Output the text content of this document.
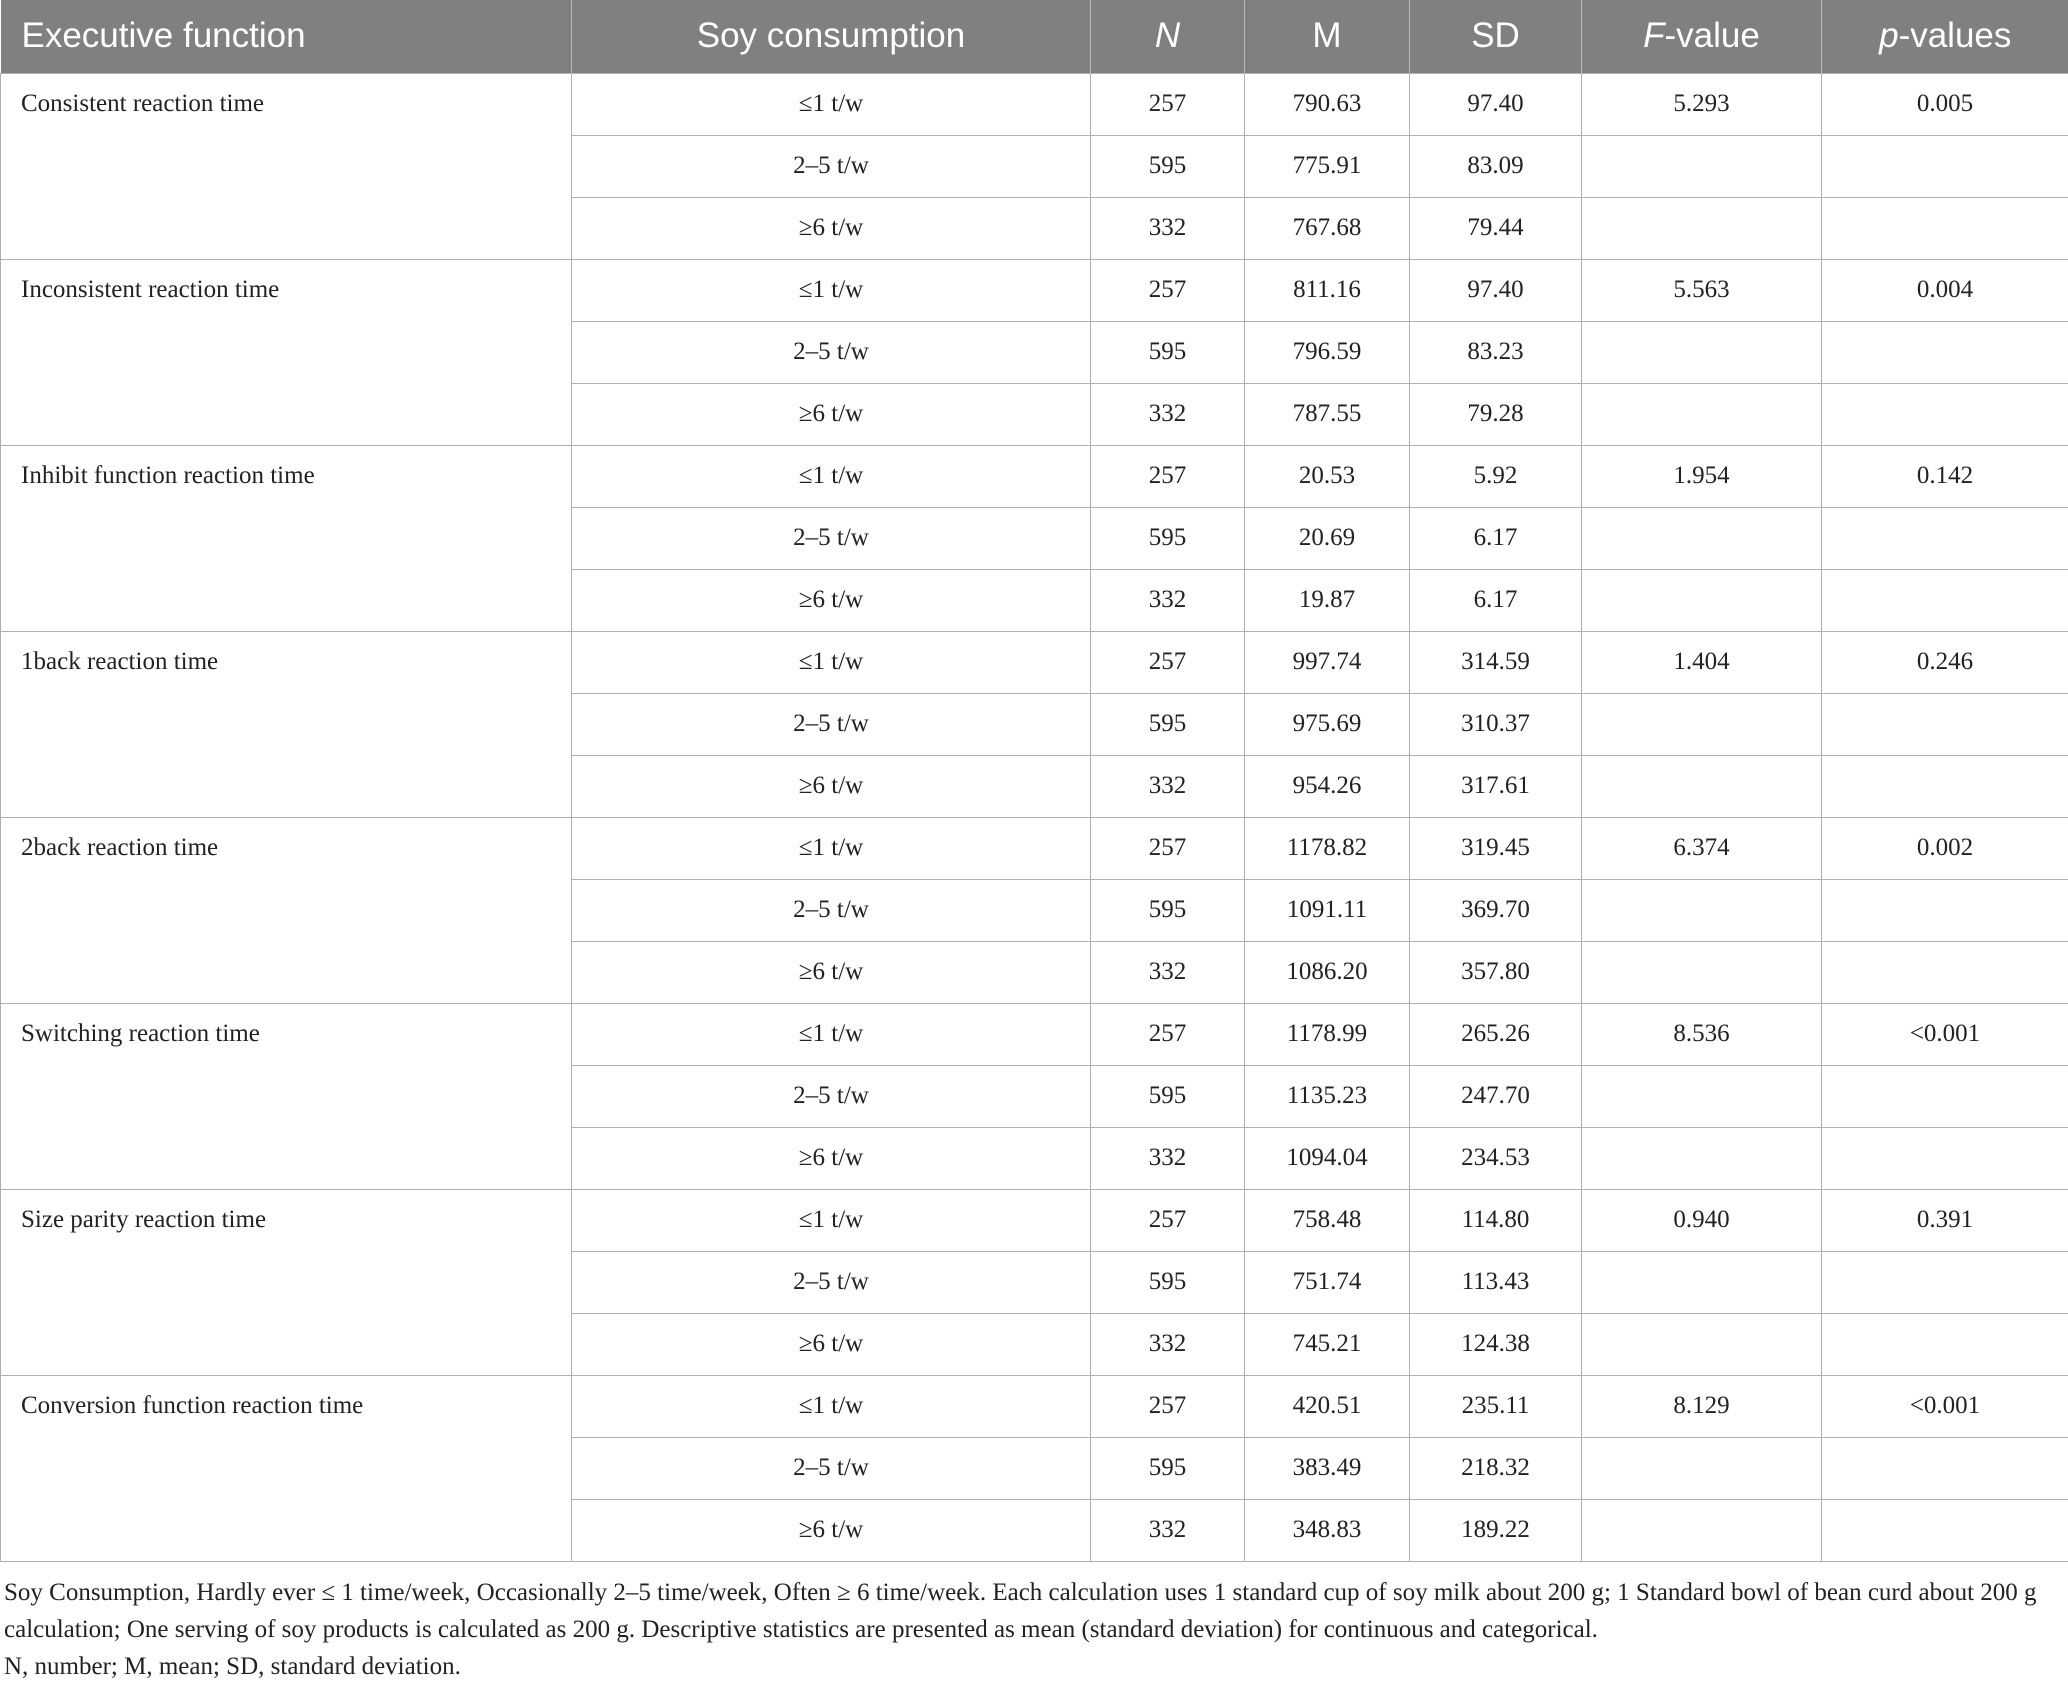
Executive function	Soy consumption	N	M	SD	F-value	p-values
Consistent reaction time	≤1 t/w	257	790.63	97.40	5.293	0.005
	2–5 t/w	595	775.91	83.09		
	≥6 t/w	332	767.68	79.44		
Inconsistent reaction time	≤1 t/w	257	811.16	97.40	5.563	0.004
	2–5 t/w	595	796.59	83.23		
	≥6 t/w	332	787.55	79.28		
Inhibit function reaction time	≤1 t/w	257	20.53	5.92	1.954	0.142
	2–5 t/w	595	20.69	6.17		
	≥6 t/w	332	19.87	6.17		
1back reaction time	≤1 t/w	257	997.74	314.59	1.404	0.246
	2–5 t/w	595	975.69	310.37		
	≥6 t/w	332	954.26	317.61		
2back reaction time	≤1 t/w	257	1178.82	319.45	6.374	0.002
	2–5 t/w	595	1091.11	369.70		
	≥6 t/w	332	1086.20	357.80		
Switching reaction time	≤1 t/w	257	1178.99	265.26	8.536	<0.001
	2–5 t/w	595	1135.23	247.70		
	≥6 t/w	332	1094.04	234.53		
Size parity reaction time	≤1 t/w	257	758.48	114.80	0.940	0.391
	2–5 t/w	595	751.74	113.43		
	≥6 t/w	332	745.21	124.38		
Conversion function reaction time	≤1 t/w	257	420.51	235.11	8.129	<0.001
	2–5 t/w	595	383.49	218.32		
	≥6 t/w	332	348.83	189.22		

Soy Consumption, Hardly ever ≤ 1 time/week, Occasionally 2–5 time/week, Often ≥ 6 time/week. Each calculation uses 1 standard cup of soy milk about 200 g; 1 Standard bowl of bean curd about 200 g calculation; One serving of soy products is calculated as 200 g. Descriptive statistics are presented as mean (standard deviation) for continuous and categorical.

N, number; M, mean; SD, standard deviation.
